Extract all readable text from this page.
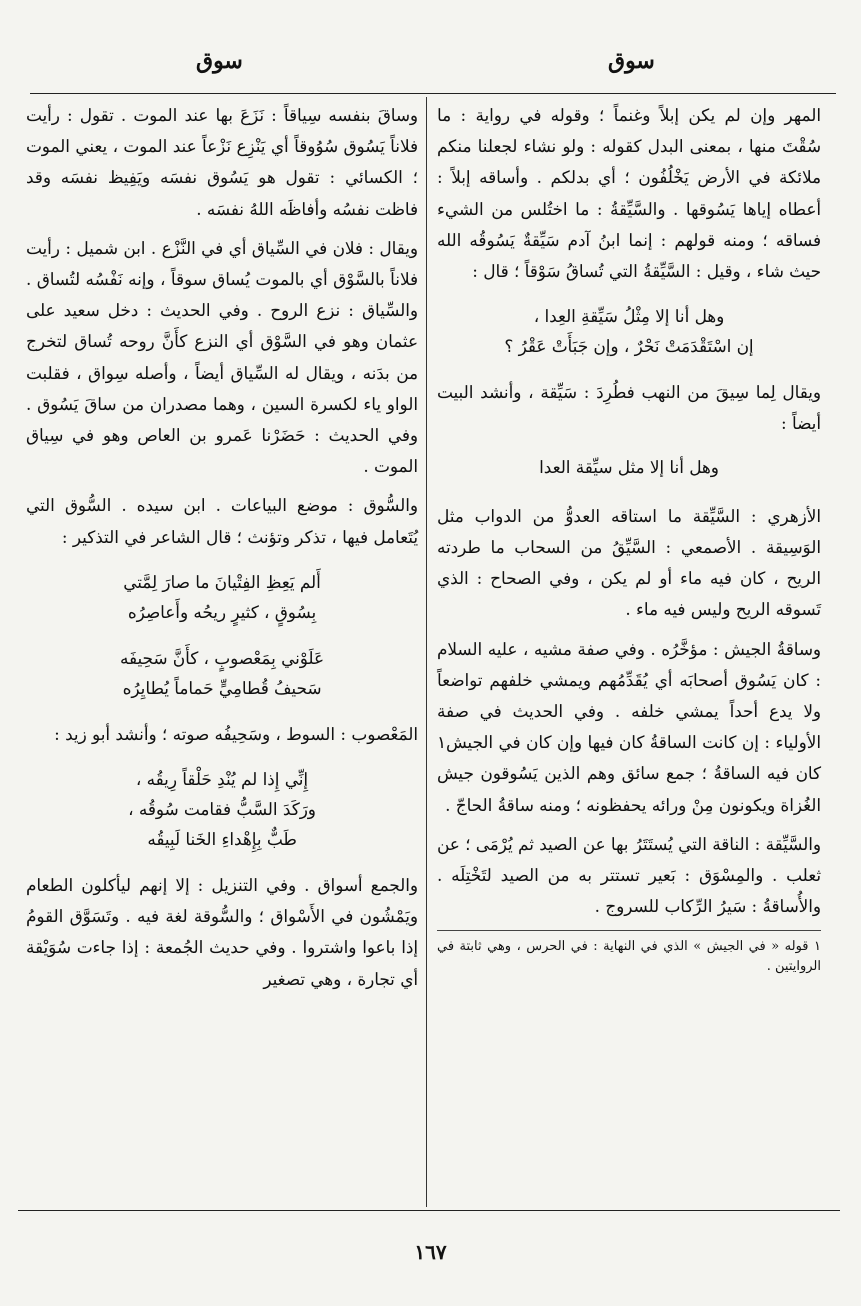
سوق
سوق

المهر وإن لم يكن إبلاً وغنماً ؛ وقوله في رواية : ما سُقْتَ منها ، بمعنى البدل كقوله : ولو نشاء لجعلنا منكم ملائكة في الأرض يَخْلُفُون ؛ أي بدلكم . وأساقه إبلاً : أعطاه إياها يَسُوقها . والسَّيِّقةُ : ما اختُلس من الشيء فساقه ؛ ومنه قولهم : إنما ابنُ آدم سَيِّقةٌ يَسُوقُه الله حيث شاء ، وقيل : السَّيِّقةُ التي تُساقُ سَوْقاً ؛ قال :

وهل أنا إلا مِثْلُ سَيِّقةِ العِدا ،
إن اسْتَقْدَمَتْ نَحْرٌ ، وإن جَبَأَتْ عَقْرُ ؟

ويقال لِما سِيقَ من النهب فطُرِدَ : سَيِّقة ، وأنشد البيت أيضاً :

وهل أنا إلا مثل سيِّقة العدا

الأزهري : السَّيِّقة ما استاقه العدوُّ من الدواب مثل الوَسِيقة . الأصمعي : السَّيِّقُ من السحاب ما طردته الريح ، كان فيه ماء أو لم يكن ، وفي الصحاح : الذي تَسوقه الريح وليس فيه ماء .

وساقةُ الجيش : مؤخَّرُه . وفي صفة مشيه ، عليه السلام : كان يَسُوق أصحابَه أي يُقَدِّمُهم ويمشي خلفهم تواضعاً ولا يدع أحداً يمشي خلفه . وفي الحديث في صفة الأولياء : إن كانت الساقةُ كان فيها وإن كان في الجيش١ كان فيه الساقةُ ؛ جمع سائق وهم الذين يَسُوقون جيش الغُزاة ويكونون مِنْ ورائه يحفظونه ؛ ومنه ساقةُ الحاجّ .

والسَّيِّقة : الناقة التي يُستَتَرُ بها عن الصيد ثم يُرْمَى ؛ عن ثعلب . والمِسْوَق : بَعير تستتر به من الصيد لتَخْتِلَه . والأُساقةُ : سَيرُ الرِّكاب للسروج .

١ قوله « في الجيش » الذي في النهاية : في الحرس ، وهي ثابتة في الروايتين .

وساقَ بنفسه سِياقاً : نَزَعَ بها عند الموت . تقول : رأيت فلاناً يَسُوق سُوُوقاً أي يَنْزِع نَزْعاً عند الموت ، يعني الموت ؛ الكسائي : تقول هو يَسُوق نفسَه ويَفِيظ نفسَه وقد فاظت نفسُه وأفاظَه اللهُ نفسَه .

ويقال : فلان في السِّياق أي في النَّزْع . ابن شميل : رأيت فلاناً بالسَّوْق أي بالموت يُساق سوقاً ، وإنه نَفْسُه لتُساق . والسِّياق : نزع الروح . وفي الحديث : دخل سعيد على عثمان وهو في السَّوْق أي النزع كأَنَّ روحه تُساق لتخرج من بدَنه ، ويقال له السِّياق أيضاً ، وأصله سِواق ، فقلبت الواو ياء لكسرة السين ، وهما مصدران من ساقَ يَسُوق . وفي الحديث : حَضَرْنا عَمرو بن العاص وهو في سِياق الموت .

والسُّوق : موضع البياعات . ابن سيده . السُّوق التي يُتَعامل فيها ، تذكر وتؤنث ؛ قال الشاعر في التذكير :

أَلم يَعِظِ الفِتْيانَ ما صارَ لِمَّتي
بِسُوقٍ ، كثيرٍ ريحُه وأَعاصِرُه
عَلَوْني بِمَعْصوبٍ ، كأَنَّ سَحِيفَه
سَحيفُ قُطامِيٍّ حَماماً يُطايِرُه

المَعْصوب : السوط ، وسَحِيفُه صوته ؛ وأنشد أبو زيد :

إِنِّي إِذا لم يُنْدِ حَلْقاً رِيقُه ،
ورَكَدَ السَّبُّ فقامت سُوقُه ،
طَبٌّ بِإِهْداءِ الخَنا لَبِيقُه

والجمع أسواق . وفي التنزيل : إلا إنهم ليأكلون الطعام ويَمْشُون في الأَسْواق ؛ والسُّوقة لغة فيه . وتَسَوَّق القومُ إذا باعوا واشتروا . وفي حديث الجُمعة : إذا جاءت سُوَيْقة أي تجارة ، وهي تصغير

١٦٧
